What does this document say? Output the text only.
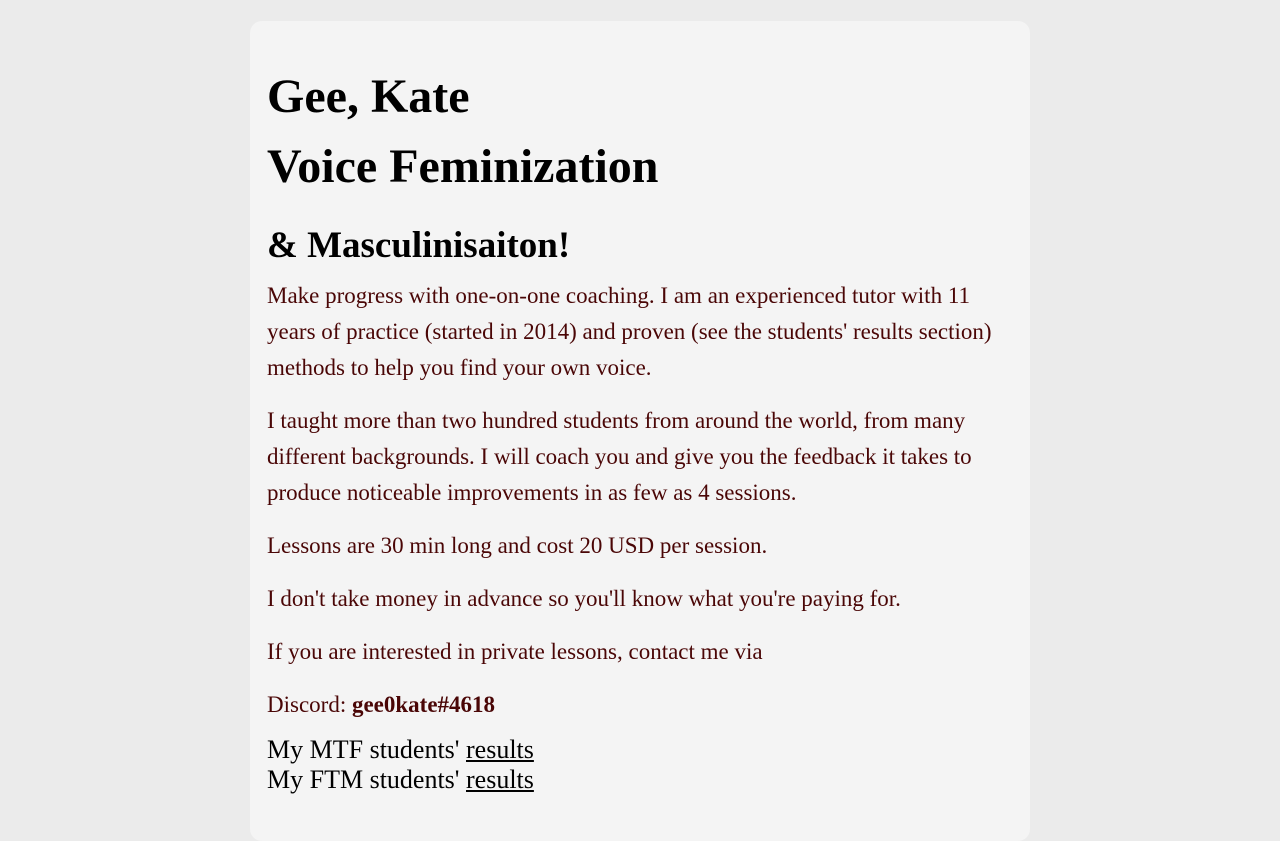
Gee, Kate
Voice Feminization
& Masculinisaiton!

Make progress with one-on-one coaching. I am an experienced tutor with 11 years of practice (started in 2014) and proven (see the students' results section) methods to help you find your own voice.

I taught more than two hundred students from around the world, from many different backgrounds. I will coach you and give you the feedback it takes to produce noticeable improvements in as few as 4 sessions.

Lessons are 30 min long and cost 20 USD per session.

I don't take money in advance so you'll know what you're paying for.

If you are interested in private lessons, contact me via

Discord: gee0kate#4618

My MTF students' results
My FTM students' results
